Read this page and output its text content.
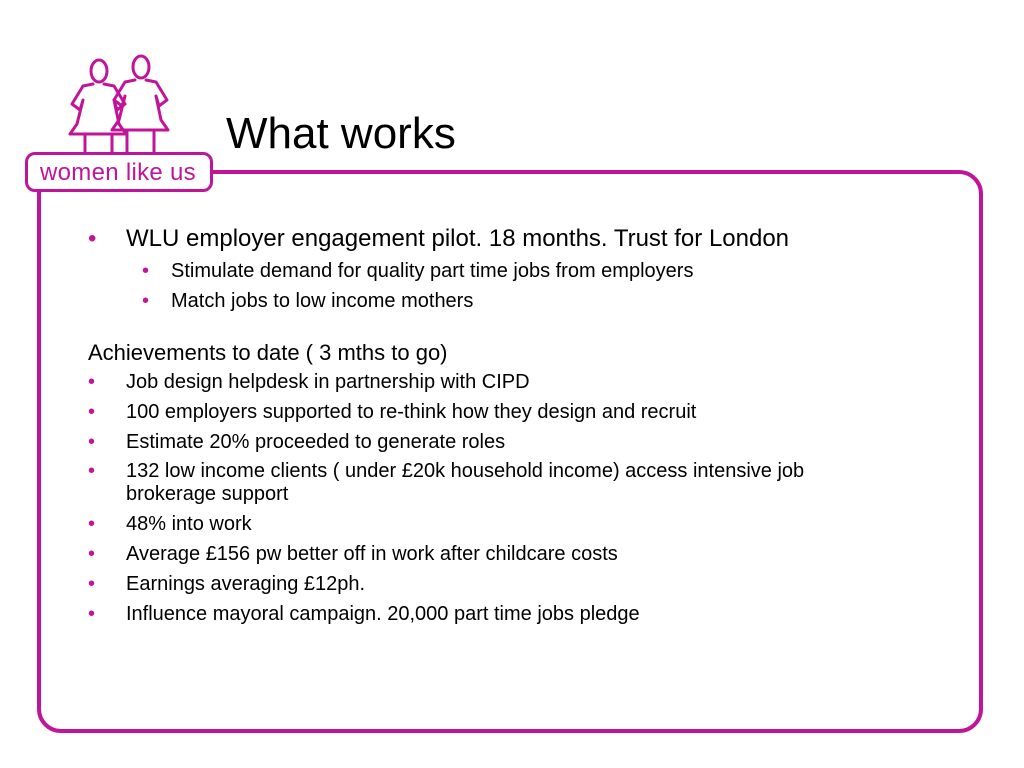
women like us
What works
• WLU employer engagement pilot. 18 months. Trust for London
• Stimulate demand for quality part time jobs from employers
• Match jobs to low income mothers
Achievements to date ( 3 mths to go)
• Job design helpdesk in partnership with CIPD
• 100 employers supported to re-think how they design and recruit
• Estimate 20% proceeded to generate roles
• 132 low income clients ( under £20k household income) access intensive job brokerage support
• 48% into work
• Average £156 pw better off in work after childcare costs
• Earnings averaging £12ph.
• Influence mayoral campaign. 20,000 part time jobs pledge
